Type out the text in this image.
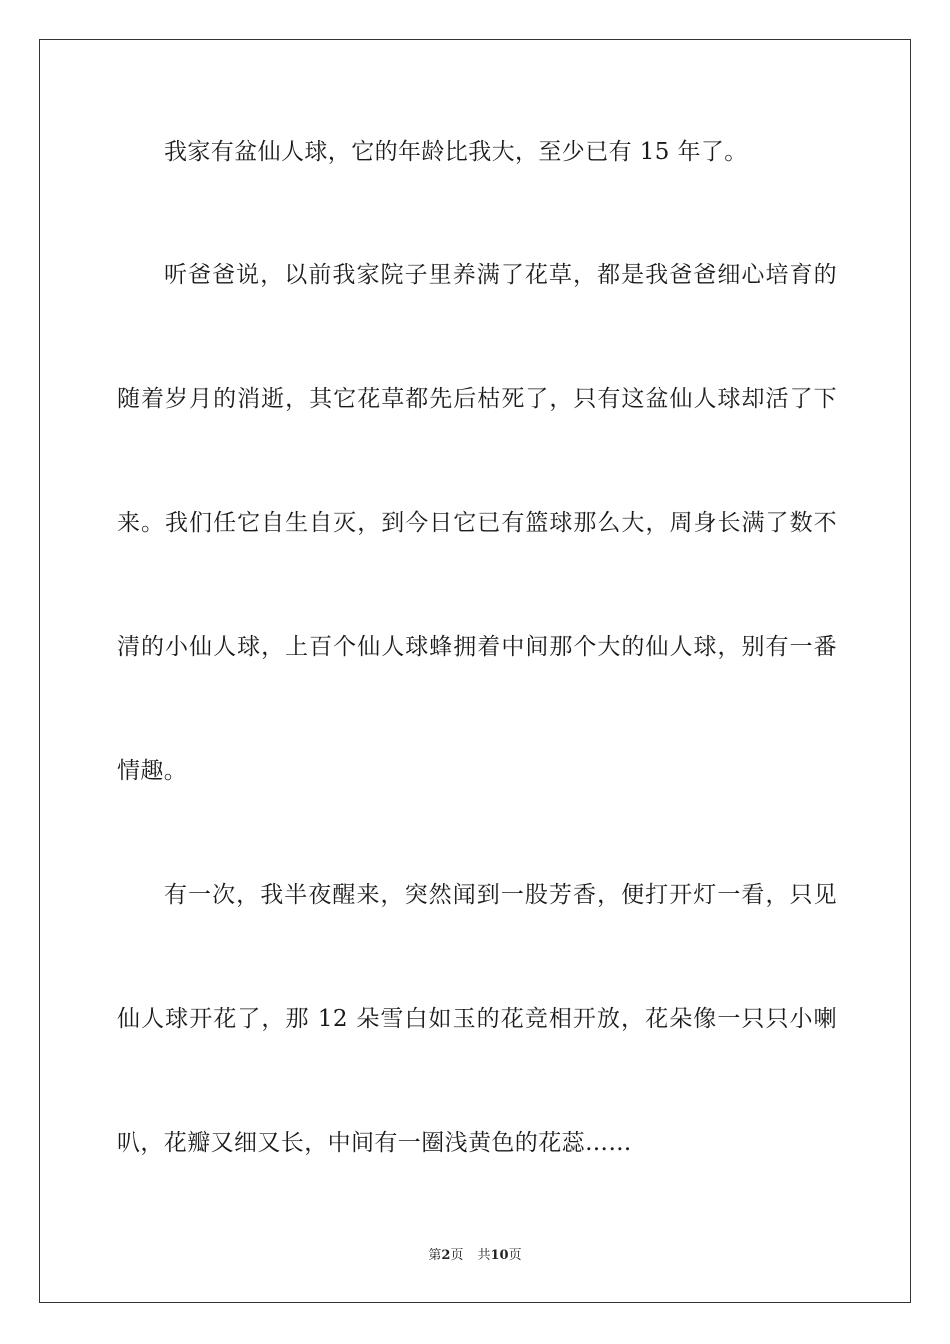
我家有盆仙人球，它的年龄比我大，至少已有 15 年了。
听爸爸说，以前我家院子里养满了花草，都是我爸爸细心培育的
随着岁月的消逝，其它花草都先后枯死了，只有这盆仙人球却活了下
来。我们任它自生自灭，到今日它已有篮球那么大，周身长满了数不
清的小仙人球，上百个仙人球蜂拥着中间那个大的仙人球，别有一番
情趣。
有一次，我半夜醒来，突然闻到一股芳香，便打开灯一看，只见
仙人球开花了，那 12 朵雪白如玉的花竞相开放，花朵像一只只小喇
叭，花瓣又细又长，中间有一圈浅黄色的花蕊……
第2页 共10页
